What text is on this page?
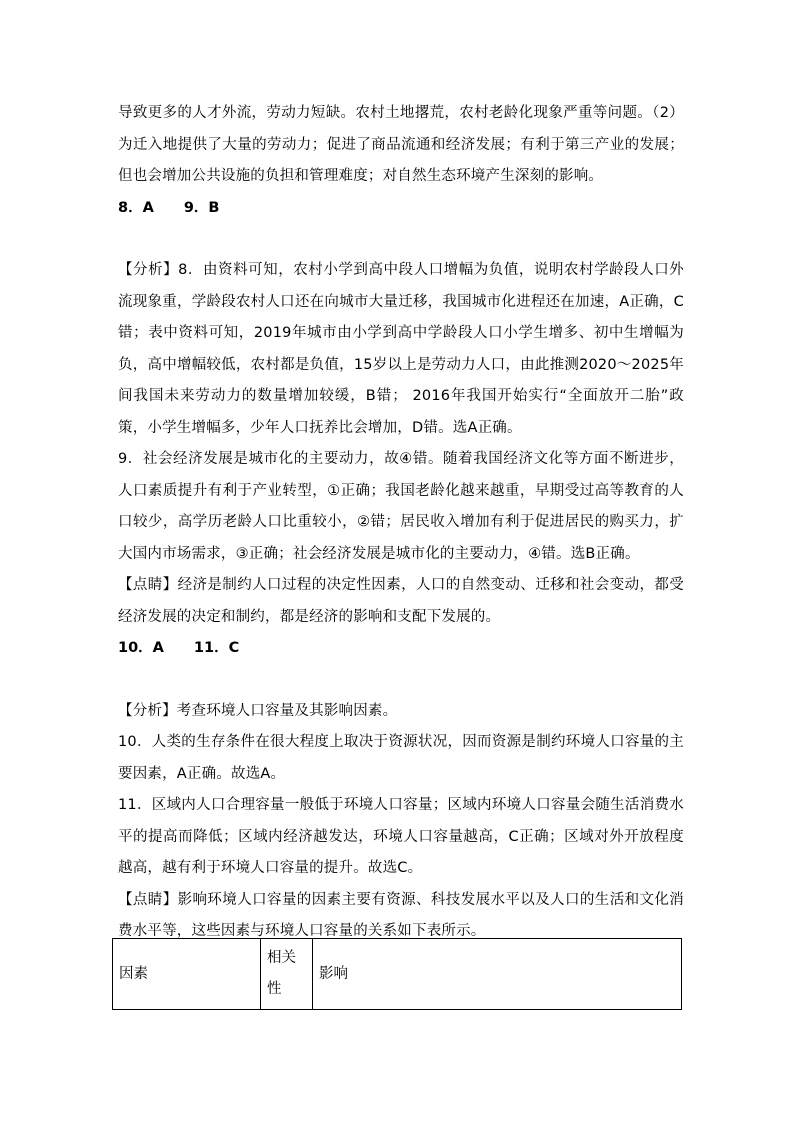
导致更多的人才外流，劳动力短缺。农村土地撂荒，农村老龄化现象严重等问题。（2）为迁入地提供了大量的劳动力；促进了商品流通和经济发展；有利于第三产业的发展；但也会增加公共设施的负担和管理难度；对自然生态环境产生深刻的影响。

8．A 9．B

【分析】8．由资料可知，农村小学到高中段人口增幅为负值，说明农村学龄段人口外流现象重，学龄段农村人口还在向城市大量迁移，我国城市化进程还在加速，A正确，C错；表中资料可知，2019年城市由小学到高中学龄段人口小学生增多、初中生增幅为负，高中增幅较低，农村都是负值，15岁以上是劳动力人口，由此推测2020～2025年间我国未来劳动力的数量增加较缓，B错； 2016年我国开始实行“全面放开二胎”政策，小学生增幅多，少年人口抚养比会增加，D错。选A正确。

9．社会经济发展是城市化的主要动力，故④错。随着我国经济文化等方面不断进步，人口素质提升有利于产业转型，①正确；我国老龄化越来越重，早期受过高等教育的人口较少，高学历老龄人口比重较小，②错；居民收入增加有利于促进居民的购买力，扩大国内市场需求，③正确；社会经济发展是城市化的主要动力，④错。选B正确。

【点睛】经济是制约人口过程的决定性因素，人口的自然变动、迁移和社会变动，都受经济发展的决定和制约，都是经济的影响和支配下发展的。

10．A 11．C

【分析】考查环境人口容量及其影响因素。

10．人类的生存条件在很大程度上取决于资源状况，因而资源是制约环境人口容量的主要因素，A正确。故选A。

11．区域内人口合理容量一般低于环境人口容量；区域内环境人口容量会随生活消费水平的提高而降低；区域内经济越发达，环境人口容量越高，C正确；区域对外开放程度越高，越有利于环境人口容量的提升。故选C。

【点睛】影响环境人口容量的因素主要有资源、科技发展水平以及人口的生活和文化消费水平等，这些因素与环境人口容量的关系如下表所示。

因素	相关性	影响
